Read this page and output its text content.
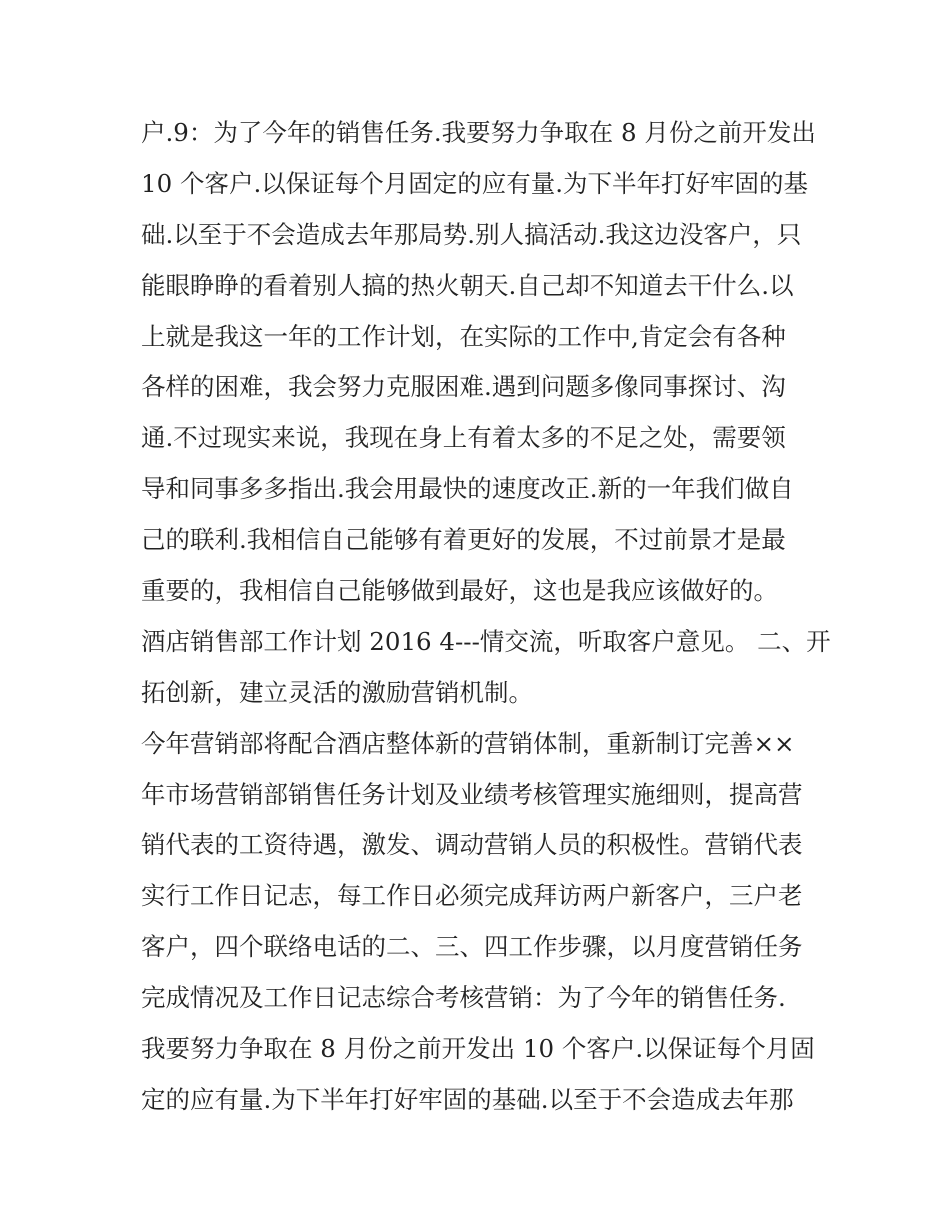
户.9：为了今年的销售任务.我要努力争取在 8 月份之前开发出
10 个客户.以保证每个月固定的应有量.为下半年打好牢固的基
础.以至于不会造成去年那局势.别人搞活动.我这边没客户，只
能眼睁睁的看着别人搞的热火朝天.自己却不知道去干什么.以
上就是我这一年的工作计划，在实际的工作中,肯定会有各种
各样的困难，我会努力克服困难.遇到问题多像同事探讨、沟
通.不过现实来说，我现在身上有着太多的不足之处，需要领
导和同事多多指出.我会用最快的速度改正.新的一年我们做自
己的联利.我相信自己能够有着更好的发展，不过前景才是最
重要的，我相信自己能够做到最好，这也是我应该做好的。
酒店销售部工作计划 2016 4---情交流，听取客户意见。 二、开
拓创新，建立灵活的激励营销机制。
今年营销部将配合酒店整体新的营销体制，重新制订完善××
年市场营销部销售任务计划及业绩考核管理实施细则，提高营
销代表的工资待遇，激发、调动营销人员的积极性。营销代表
实行工作日记志，每工作日必须完成拜访两户新客户，三户老
客户，四个联络电话的二、三、四工作步骤，以月度营销任务
完成情况及工作日记志综合考核营销：为了今年的销售任务.
我要努力争取在 8 月份之前开发出 10 个客户.以保证每个月固
定的应有量.为下半年打好牢固的基础.以至于不会造成去年那
